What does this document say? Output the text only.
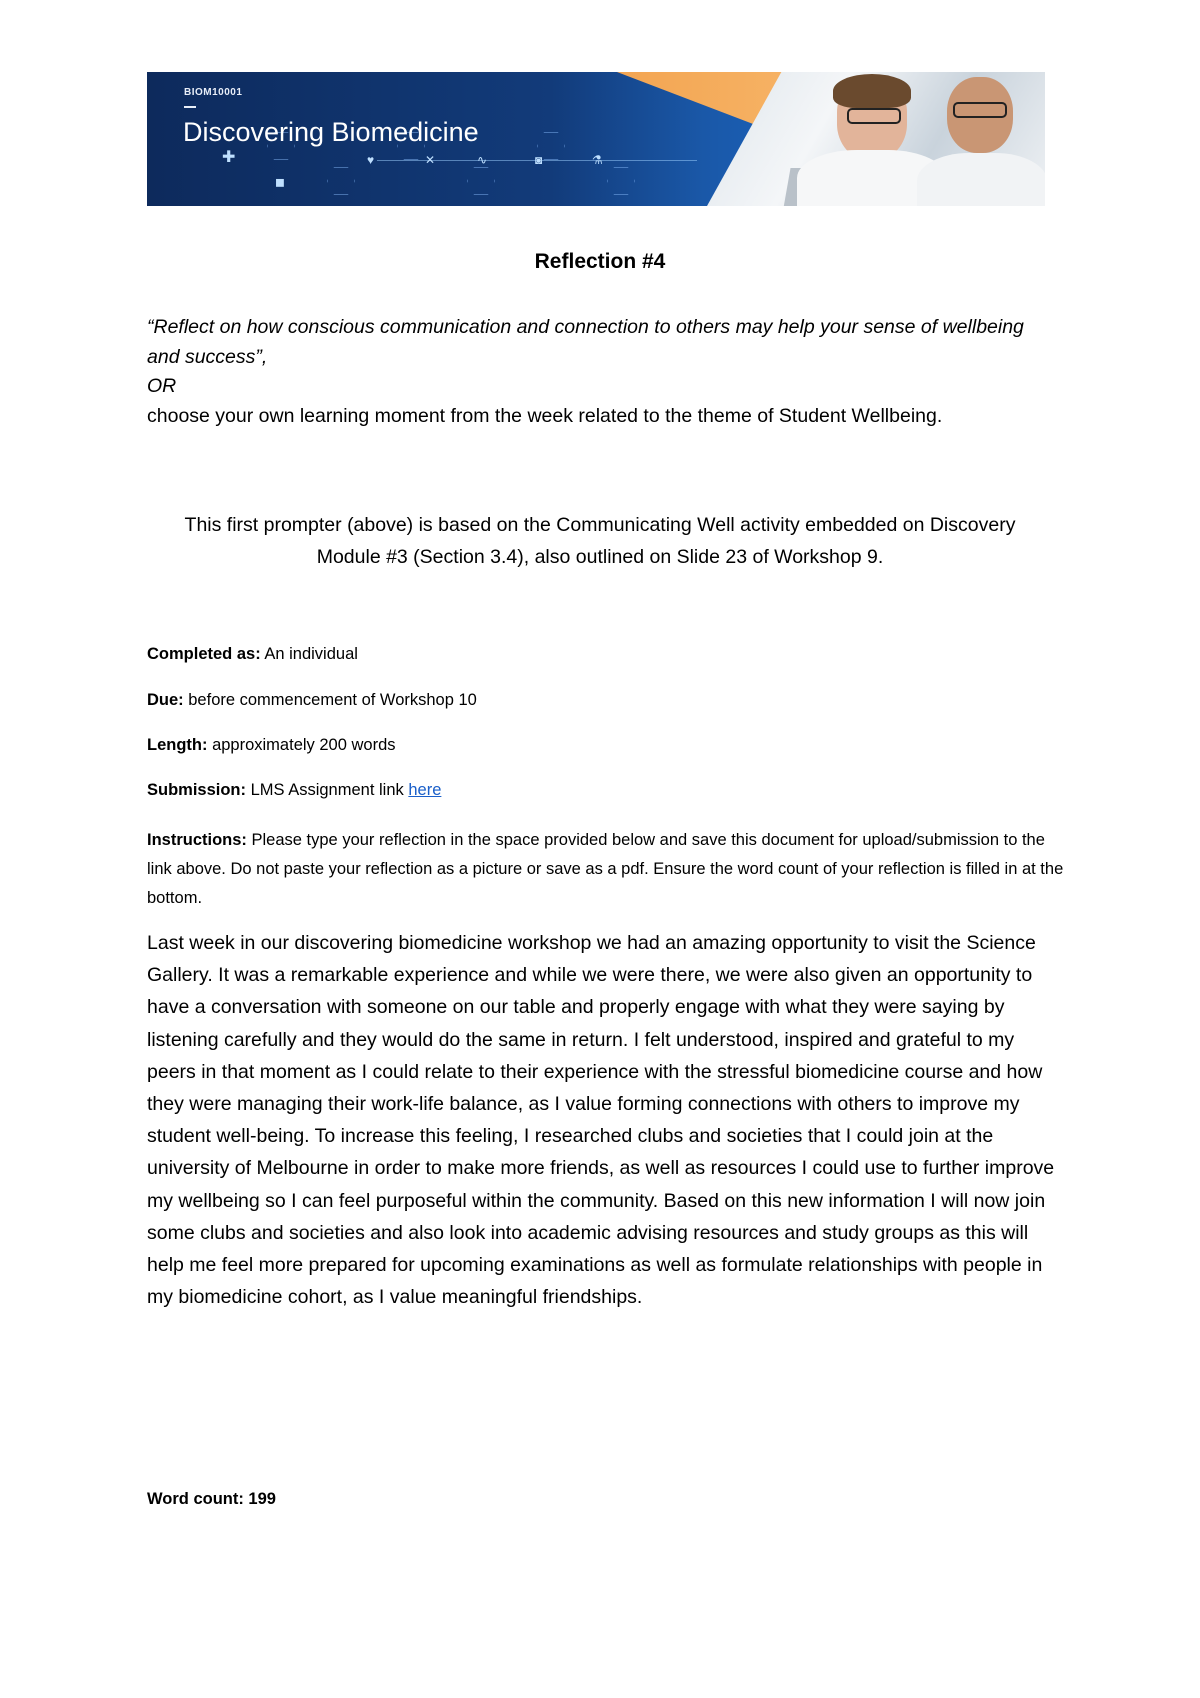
✚
◼
♥	✕	∿	◙	⚗
BIOM10001
Discovering Biomedicine
Reflection #4
“Reflect on how conscious communication and connection to others may help your sense of wellbeing and success”,
OR
choose your own learning moment from the week related to the theme of Student Wellbeing.
This first prompter (above) is based on the Communicating Well activity embedded on Discovery Module #3 (Section 3.4), also outlined on Slide 23 of Workshop 9.
Completed as: An individual
Due: before commencement of Workshop 10
Length: approximately 200 words
Submission: LMS Assignment link here
Instructions: Please type your reflection in the space provided below and save this document for upload/submission to the link above. Do not paste your reflection as a picture or save as a pdf. Ensure the word count of your reflection is filled in at the bottom.
Last week in our discovering biomedicine workshop we had an amazing opportunity to visit the Science Gallery. It was a remarkable experience and while we were there, we were also given an opportunity to have a conversation with someone on our table and properly engage with what they were saying by listening carefully and they would do the same in return. I felt understood, inspired and grateful to my peers in that moment as I could relate to their experience with the stressful biomedicine course and how they were managing their work-life balance, as I value forming connections with others to improve my student well-being. To increase this feeling, I researched clubs and societies that I could join at the university of Melbourne in order to make more friends, as well as resources I could use to further improve my wellbeing so I can feel purposeful within the community. Based on this new information I will now join some clubs and societies and also look into academic advising resources and study groups as this will help me feel more prepared for upcoming examinations as well as formulate relationships with people in my biomedicine cohort, as I value meaningful friendships.
Word count: 199
